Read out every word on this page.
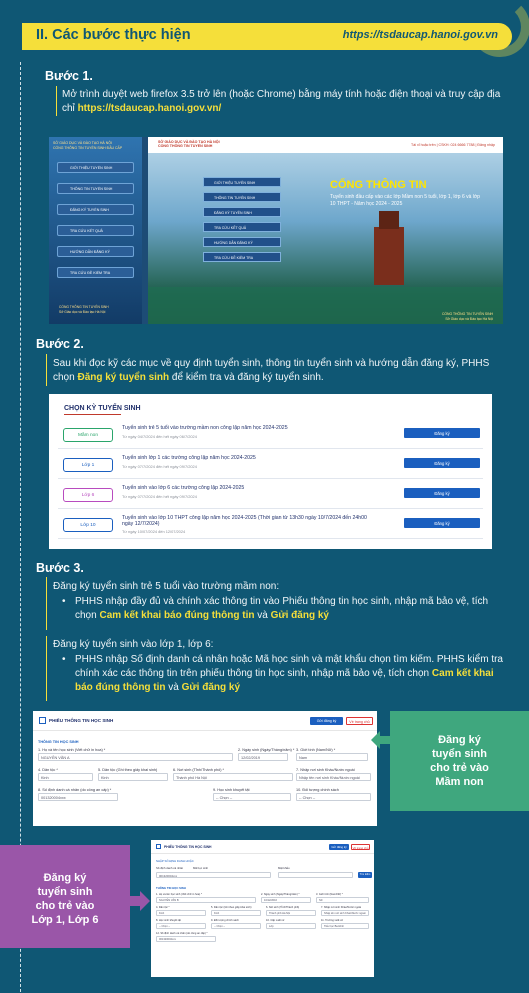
II. Các bước thực hiện	https://tsdaucap.hanoi.gov.vn
Bước 1.
Mở trình duyệt web firefox 3.5 trở lên (hoặc Chrome) bằng máy tính hoặc điện thoại và truy cập địa chỉ https://tsdaucap.hanoi.gov.vn/
SỞ GIÁO DỤC VÀ ĐÀO TẠO HÀ NỘI
CỔNG THÔNG TIN TUYỂN SINH ĐẦU CẤP
GIỚI THIỆU TUYỂN SINH
THÔNG TIN TUYỂN SINH
ĐĂNG KÝ TUYỂN SINH
TRA CỨU KẾT QUẢ
HƯỚNG DẪN ĐĂNG KÝ
TRA CỨU ĐỀ KIỂM TRA
CỔNG THÔNG TIN TUYỂN SINH
Sở Giáo dục và Đào tạo Hà Nội
SỞ GIÁO DỤC VÀ ĐÀO TẠO HÀ NỘI
CỔNG THÔNG TIN TUYỂN SINH	Tài xỉ hoặc trên | CSKH: 024 6666 7788 | Đăng nhập
GIỚI THIỆU TUYỂN SINH
THÔNG TIN TUYỂN SINH
ĐĂNG KÝ TUYỂN SINH
TRA CỨU KẾT QUẢ
HƯỚNG DẪN ĐĂNG KÝ
TRA CỨU ĐỀ KIỂM TRA
CỔNG THÔNG TIN
Tuyển sinh đầu cấp vào các lớp Mầm non 5 tuổi, lớp 1, lớp 6 và lớp 10 THPT - Năm học 2024 - 2025
CỔNG THÔNG TIN TUYỂN SINH
Sở Giáo dục và Đào tạo Hà Nội
Bước 2.
Sau khi đọc kỹ các mục về quy định tuyển sinh, thông tin tuyển sinh và hướng dẫn đăng ký, PHHS chọn Đăng ký tuyển sinh để kiểm tra và đăng ký tuyển sinh.
CHỌN KỲ TUYỂN SINH
Mầm non
Tuyển sinh trẻ 5 tuổi vào trường mầm non công lập năm học 2024-2025
Từ ngày 04/7/2024 đến hết ngày 06/7/2024
Đăng ký
Lớp 1
Tuyển sinh lớp 1 các trường công lập năm học 2024-2025
Từ ngày 07/7/2024 đến hết ngày 09/7/2024
Đăng ký
Lớp 6
Tuyển sinh vào lớp 6 các trường công lập 2024-2025
Từ ngày 07/7/2024 đến hết ngày 09/7/2024
Đăng ký
Lớp 10
Tuyển sinh vào lớp 10 THPT công lập năm học 2024-2025 (Thời gian từ 13h30 ngày 10/7/2024 đến 24h00 ngày 12/7/2024)
Từ ngày 10/07/2024 đến 12/07/2024
Đăng ký
Bước 3.
Đăng ký tuyển sinh trẻ 5 tuổi vào trường mầm non:
• PHHS nhập đầy đủ và chính xác thông tin vào Phiếu thông tin học sinh, nhập mã bảo vệ, tích chọn Cam kết khai báo đúng thông tin và Gửi đăng ký
Đăng ký tuyển sinh vào lớp 1, lớp 6:
• PHHS nhập Số định danh cá nhân hoặc Mã học sinh và mật khẩu chọn tìm kiếm. PHHS kiểm tra chính xác các thông tin trên phiếu thông tin học sinh, nhập mã bảo vệ, tích chọn Cam kết khai báo đúng thông tin và Gửi đăng ký
PHIẾU THÔNG TIN HỌC SINH	Gửi đăng ký	Về trang chủ
THÔNG TIN HỌC SINH
1. Họ và tên học sinh (Viết chữ in hoa) *
NGUYỄN VĂN A
2. Ngày sinh (Ngày/Tháng/năm) *
12/02/2019
3. Giới tính (Nam/Nữ) *
Nam
4. Dân tộc *
Kinh
5. Dân tộc (Ghi theo giấy khai sinh)
Kinh
6. Nơi sinh (Tỉnh/Thành phố) *
Thành phố Hà Nội
7. Nhập nơi sinh Khác/Nước ngoài
Nhập tên nơi sinh Khác/Nước ngoài
8. Số định danh cá nhân (do công an cấp) *
001320004xxx
9. Học sinh khuyết tật
-- Chọn --
10. Đối tượng chính sách
-- Chọn --
Đăng ký
tuyển sinh
cho trẻ vào
Mầm non
Đăng ký
tuyển sinh
cho trẻ vào
Lớp 1, Lớp 6
PHIẾU THÔNG TIN HỌC SINH	Gửi đăng ký	Về trang chủ
NHẬP SỐ ĐỊNH DANH HOẶC
Số định danh cá nhân	Mã học sinh	Mật khẩu
001320004xxx	Tìm kiếm
THÔNG TIN HỌC SINH
1. Họ và tên học sinh (Viết chữ in hoa) *
NGUYỄN VĂN B
2. Ngày sinh (Ngày/Tháng/năm) *
10/12/2016
3. Giới tính (Nam/Nữ) *
Nữ
4. Dân tộc *
Kinh
5. Dân tộc (Ghi theo giấy khai sinh)
Kinh
6. Nơi sinh (Tỉnh/Thành phố)
Thành phố Hà Nội
7. Nhập nơi sinh Khác/Nước ngoài
Nhập tên nơi sinh Khác/Nước ngoài
8. Học sinh khuyết tật
-- Chọn --
9. Đối tượng chính sách
-- Chọn --
10. Cấp xuất xứ
Lớp
11. Trường xuất xứ
Tiểu học Ba Đình
12. Số định danh cá nhân (do công an cấp) *
001320004xxx
